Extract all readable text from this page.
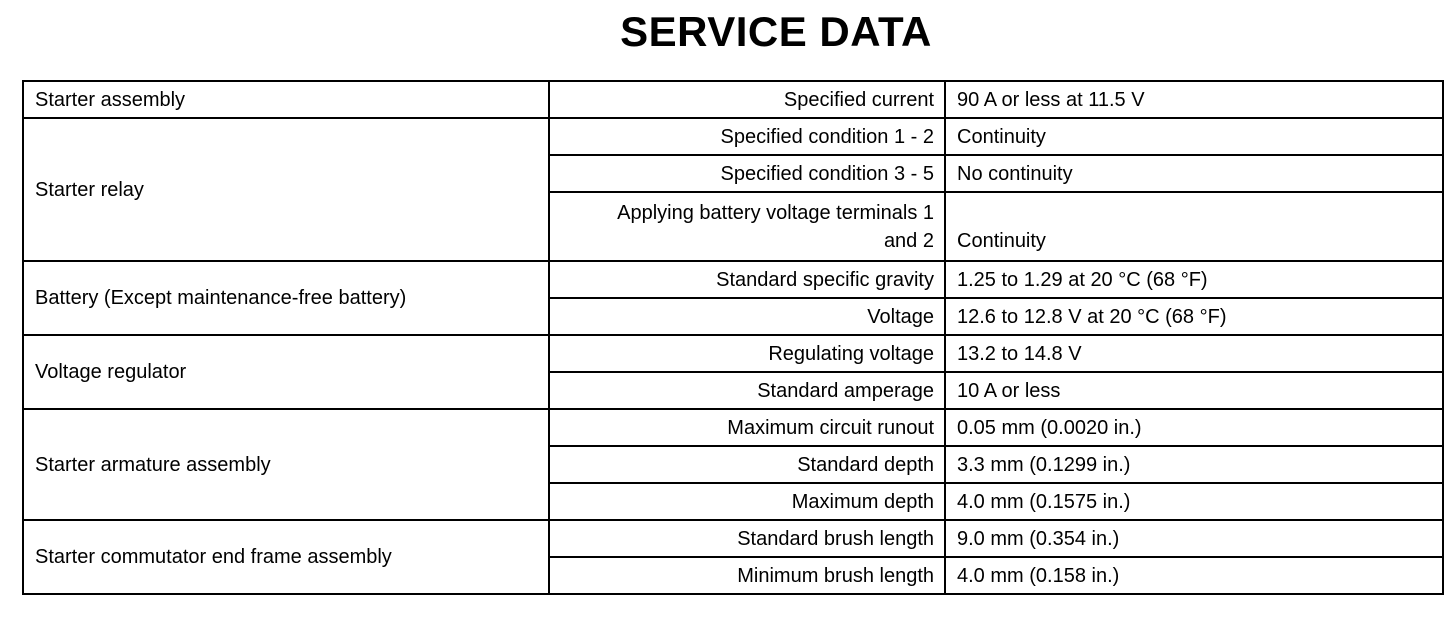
SERVICE DATA
Starter assembly	Specified current	90 A or less at 11.5 V
Starter relay	Specified condition 1 - 2	Continuity
	Specified condition 3 - 5	No continuity
	Applying battery voltage terminals 1
and 2	Continuity
Battery (Except maintenance-free battery)	Standard specific gravity	1.25 to 1.29 at 20 °C (68 °F)
	Voltage	12.6 to 12.8 V at 20 °C (68 °F)
Voltage regulator	Regulating voltage	13.2 to 14.8 V
	Standard amperage	10 A or less
Starter armature assembly	Maximum circuit runout	0.05 mm (0.0020 in.)
	Standard depth	3.3 mm (0.1299 in.)
	Maximum depth	4.0 mm (0.1575 in.)
Starter commutator end frame assembly	Standard brush length	9.0 mm (0.354 in.)
	Minimum brush length	4.0 mm (0.158 in.)
